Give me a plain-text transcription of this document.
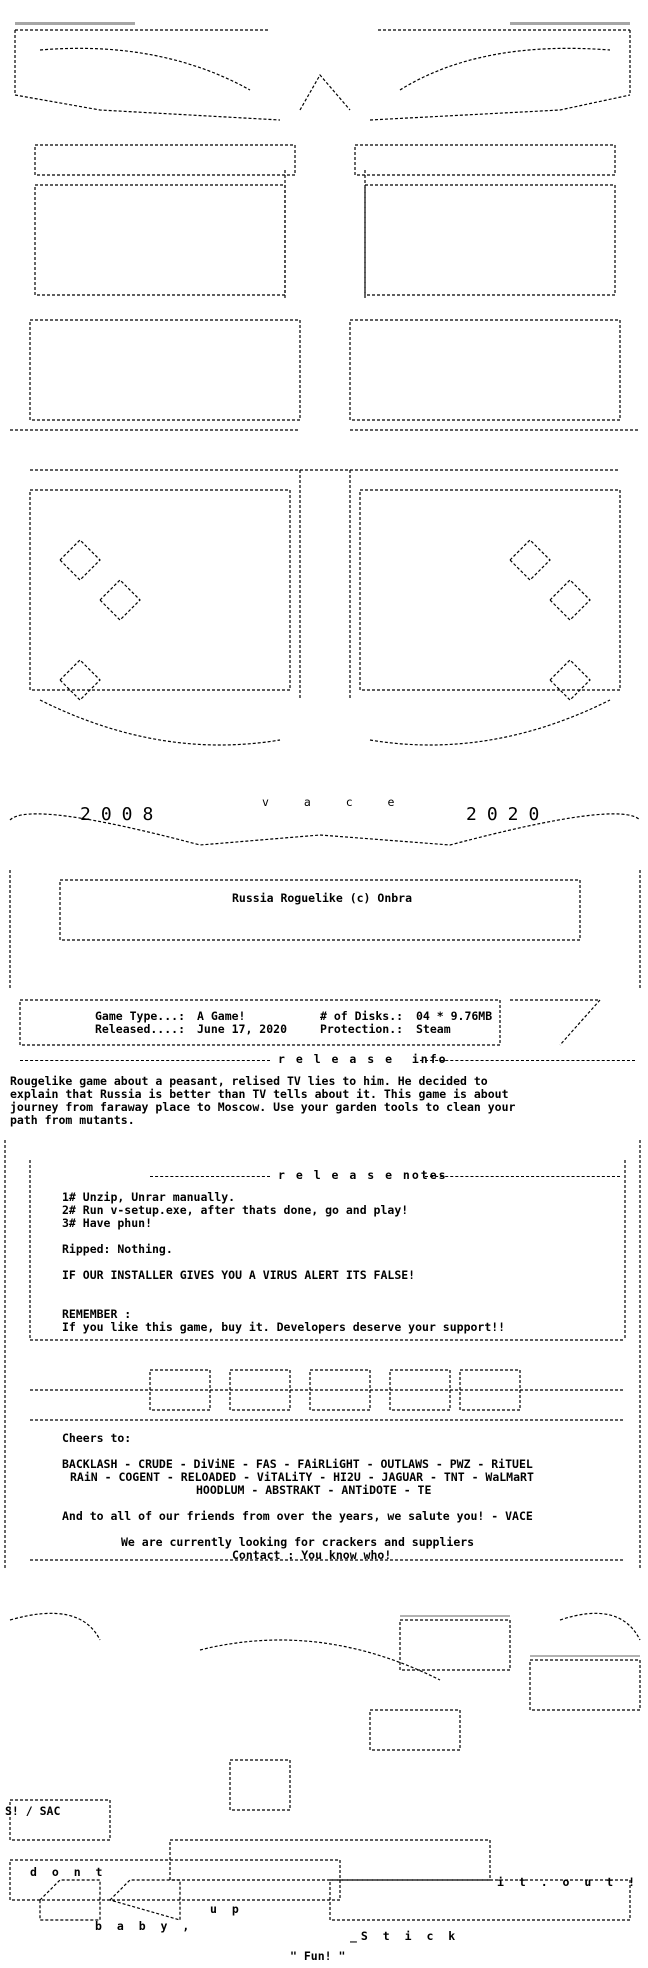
2008
v a c e
2020
Russia Roguelike (c) Onbra
Game Type...: A Game!	# of Disks.: 04 * 9.76MB
Released....: June 17, 2020	Protection.: Steam
r e l e a s e  info
Rougelike game about a peasant, relised TV lies to him. He decided to
explain that Russia is better than TV tells about it. This game is about
journey from faraway place to Moscow. Use your garden tools to clean your
path from mutants.
r e l e a s e notes
1# Unzip, Unrar manually.
2# Run v-setup.exe, after thats done, go and play!
3# Have phun!
Ripped: Nothing.
IF OUR INSTALLER GIVES YOU A VIRUS ALERT ITS FALSE!
REMEMBER :
If you like this game, buy it. Developers deserve your support!!
Cheers to:
BACKLASH - CRUDE - DiViNE - FAS - FAiRLiGHT - OUTLAWS - PWZ - RiTUEL
RAiN - COGENT - RELOADED - ViTALiTY - HI2U - JAGUAR - TNT - WaLMaRT
HOODLUM - ABSTRAKT - ANTiDOTE - TE
And to all of our friends from over the years, we salute you! - VACE
We are currently looking for crackers and suppliers
Contact : You know who!
S! / SAC
d o n t
u p
b a b y ,
i t . o u t !
_S t i c k
" Fun! "
